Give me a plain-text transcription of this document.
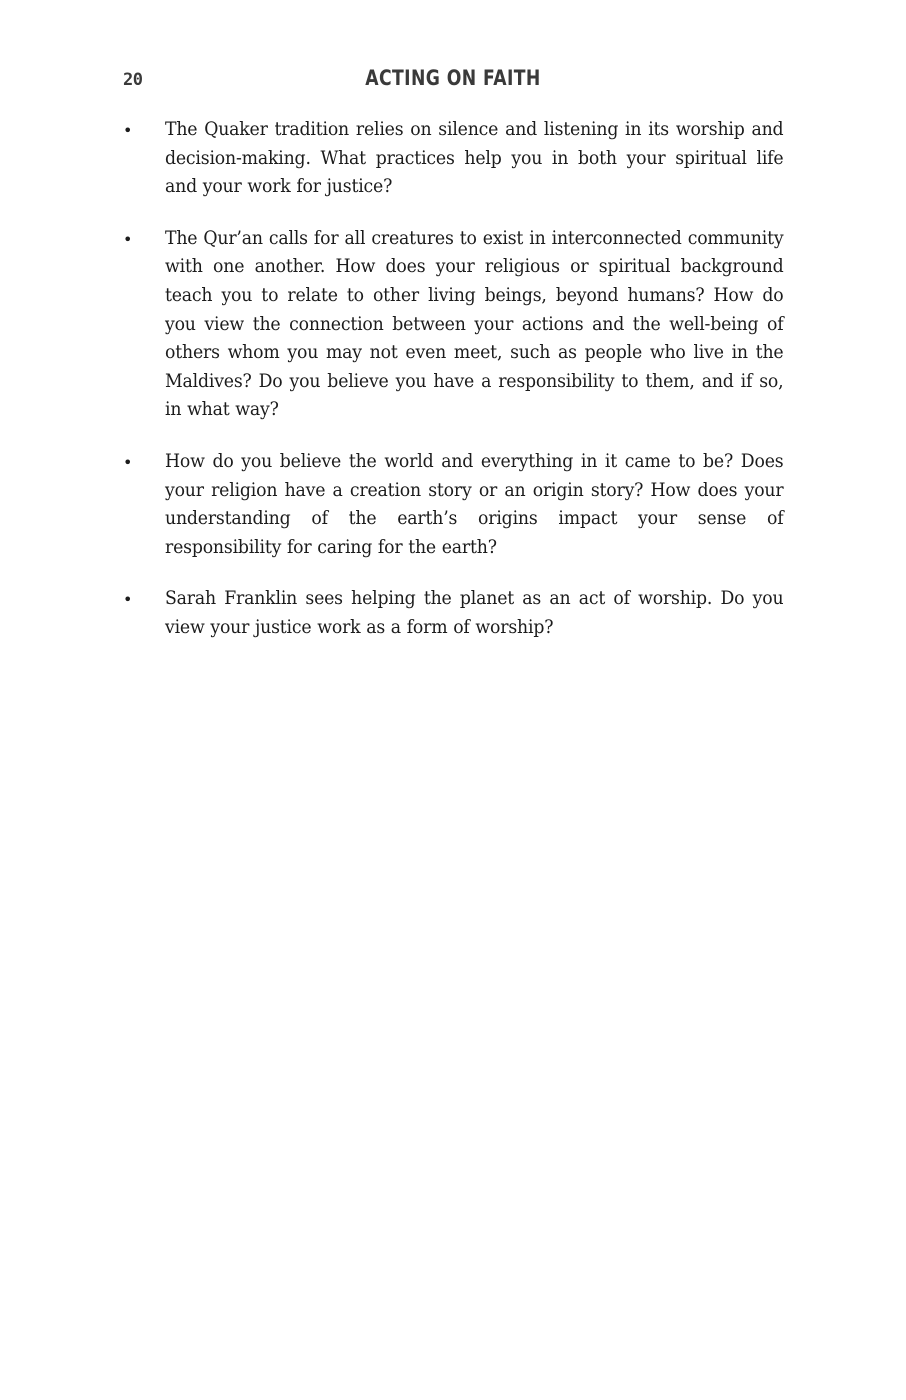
20	ACTING ON FAITH
• The Quaker tradition relies on silence and listening in its worship and decision-making. What practices help you in both your spiritual life and your work for justice?
• The Qur’an calls for all creatures to exist in interconnected community with one another. How does your religious or spiritual background teach you to relate to other living beings, beyond humans? How do you view the connection between your actions and the well-being of others whom you may not even meet, such as people who live in the Maldives? Do you believe you have a responsibility to them, and if so, in what way?
• How do you believe the world and everything in it came to be? Does your religion have a creation story or an origin story? How does your understanding of the earth’s origins impact your sense of responsibility for caring for the earth?
• Sarah Franklin sees helping the planet as an act of worship. Do you view your justice work as a form of worship?
